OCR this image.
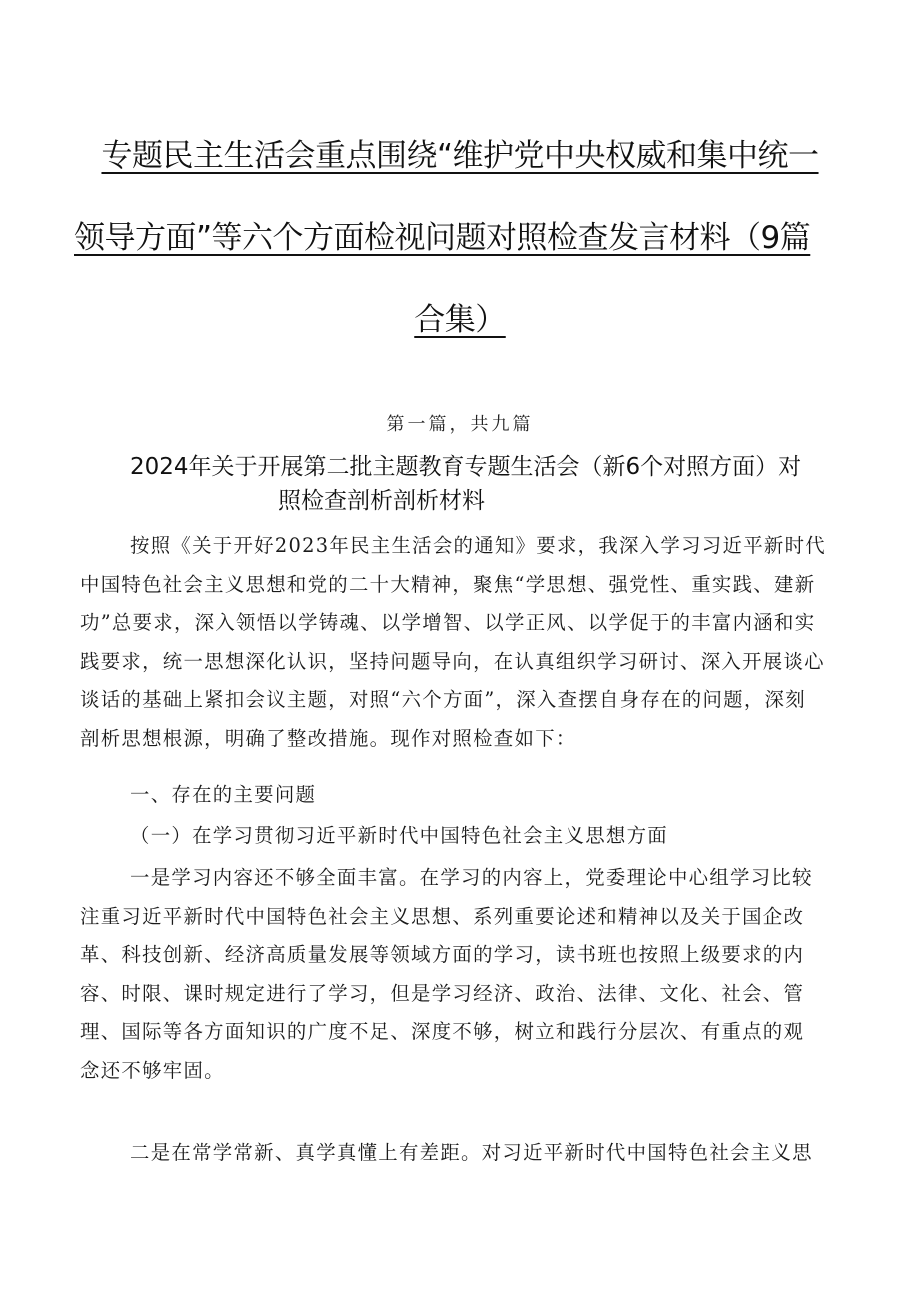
专题民主生活会重点围绕“维护党中央权威和集中统一
领导方面”等六个方面检视问题对照检查发言材料（9篇
合集）
第一篇，共九篇
2024年关于开展第二批主题教育专题生活会（新6个对照方面）对
照检查剖析剖析材料
按照《关于开好2023年民主生活会的通知》要求，我深入学习习近平新时代
中国特色社会主义思想和党的二十大精神，聚焦“学思想、强党性、重实践、建新
功”总要求，深入领悟以学铸魂、以学增智、以学正风、以学促于的丰富内涵和实
践要求，统一思想深化认识，坚持问题导向，在认真组织学习研讨、深入开展谈心
谈话的基础上紧扣会议主题，对照“六个方面”，深入查摆自身存在的问题，深刻
剖析思想根源，明确了整改措施。现作对照检查如下：
一、存在的主要问题
（一）在学习贯彻习近平新时代中国特色社会主义思想方面
一是学习内容还不够全面丰富。在学习的内容上，党委理论中心组学习比较
注重习近平新时代中国特色社会主义思想、系列重要论述和精神以及关于国企改
革、科技创新、经济高质量发展等领域方面的学习，读书班也按照上级要求的内
容、时限、课时规定进行了学习，但是学习经济、政治、法律、文化、社会、管
理、国际等各方面知识的广度不足、深度不够，树立和践行分层次、有重点的观
念还不够牢固。
二是在常学常新、真学真懂上有差距。对习近平新时代中国特色社会主义思
